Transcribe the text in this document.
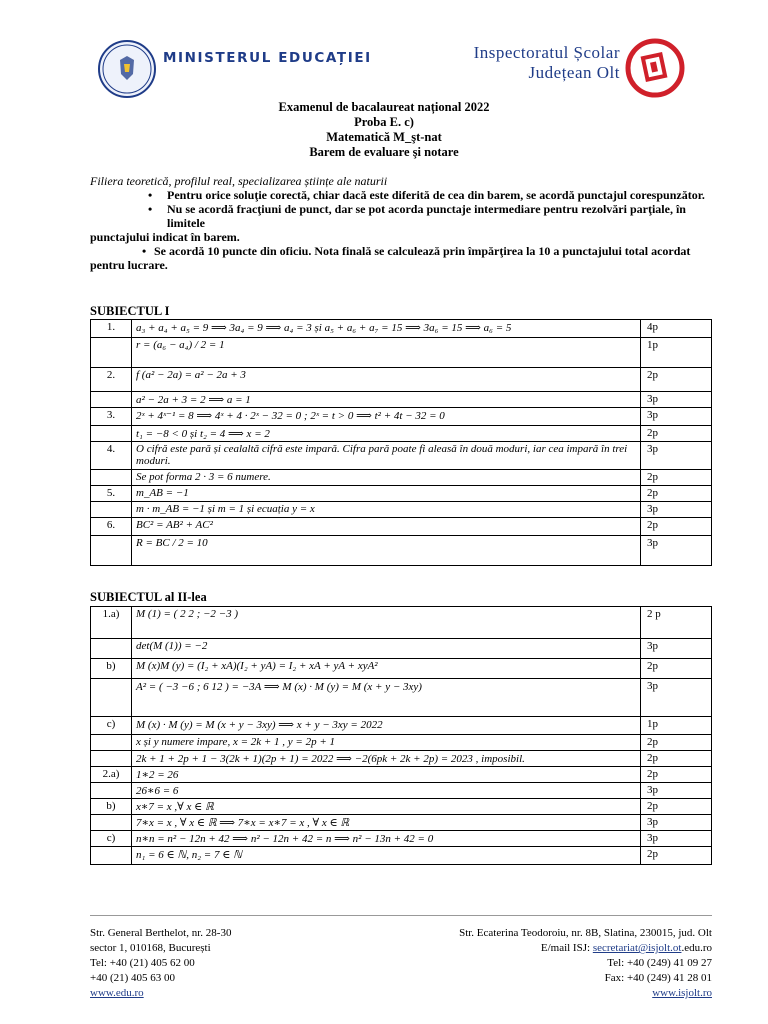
MINISTERUL EDUCAȚIEI	Inspectoratul Școlar
Județean Olt
Examenul de bacalaureat național 2022
Proba E. c)
Matematică M_şt-nat
Barem de evaluare şi notare
Filiera teoretică, profilul real, specializarea științe ale naturii
• Pentru orice soluţie corectă, chiar dacă este diferită de cea din barem, se acordă punctajul corespunzător.
• Nu se acordă fracţiuni de punct, dar se pot acorda punctaje intermediare pentru rezolvări parţiale, în limitele
punctajului indicat în barem.
• Se acordă 10 puncte din oficiu. Nota finală se calculează prin împărţirea la 10 a punctajului total acordat pentru lucrare.
SUBIECTUL I
1.	a₃ + a₄ + a₅ = 9 ⟹ 3a₄ = 9 ⟹ a₄ = 3 și a₅ + a₆ + a₇ = 15 ⟹ 3a₆ = 15 ⟹ a₆ = 5	4p
	r = (a₆ − a₄) / 2 = 1	1p
2.	f (a² − 2a) = a² − 2a + 3	2p
	a² − 2a + 3 = 2 ⟹ a = 1	3p
3.	2ˣ + 4ˣ⁻¹ = 8 ⟹ 4ˣ + 4 · 2ˣ − 32 = 0 ; 2ˣ = t > 0 ⟹ t² + 4t − 32 = 0	3p
	t₁ = −8 < 0 și t₂ = 4 ⟹ x = 2	2p
4.	O cifră este pară și cealaltă cifră este impară. Cifra pară poate fi aleasă în două moduri, iar cea impară în trei moduri.	3p
	Se pot forma 2 · 3 = 6 numere.	2p
5.	m_AB = −1	2p
	m · m_AB = −1 și m = 1 și ecuația y = x	3p
6.	BC² = AB² + AC²	2p
	R = BC / 2 = 10	3p
SUBIECTUL al II-lea
1.a)	M (1) = ( 2 2 ; −2 −3 )	2 p
	det(M (1)) = −2	3p
b)	M (x)M (y) = (I₂ + xA)(I₂ + yA) = I₂ + xA + yA + xyA²	2p
	A² = ( −3 −6 ; 6 12 ) = −3A ⟹ M (x) · M (y) = M (x + y − 3xy)	3p
c)	M (x) · M (y) = M (x + y − 3xy) ⟹ x + y − 3xy = 2022	1p
	x și y numere impare, x = 2k + 1 , y = 2p + 1	2p
	2k + 1 + 2p + 1 − 3(2k + 1)(2p + 1) = 2022 ⟹ −2(6pk + 2k + 2p) = 2023 , imposibil.	2p
2.a)	1∗2 = 26	2p
	26∗6 = 6	3p
b)	x∗7 = x ,∀ x ∈ ℝ	2p
	7∗x = x , ∀ x ∈ ℝ ⟹ 7∗x = x∗7 = x , ∀ x ∈ ℝ	3p
c)	n∗n = n² − 12n + 42 ⟹ n² − 12n + 42 = n ⟹ n² − 13n + 42 = 0	3p
	n₁ = 6 ∈ ℕ, n₂ = 7 ∈ ℕ	2p
Str. General Berthelot, nr. 28-30
sector 1, 010168, București
Tel: +40 (21) 405 62 00
+40 (21) 405 63 00
www.edu.ro
Str. Ecaterina Teodoroiu, nr. 8B, Slatina, 230015, jud. Olt
E/mail ISJ: secretariat@isjolt.ot.edu.ro
Tel: +40 (249) 41 09 27
Fax: +40 (249) 41 28 01
www.isjolt.ro
